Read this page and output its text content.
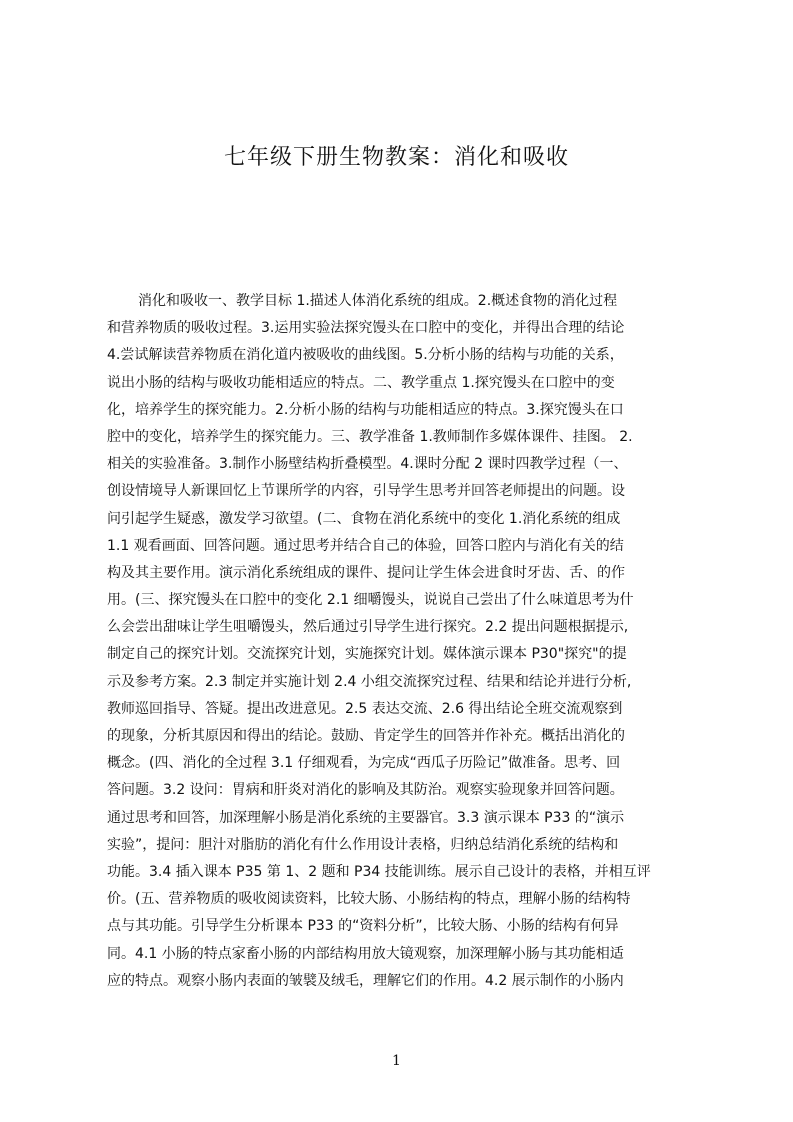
七年级下册生物教案：消化和吸收
消化和吸收一、教学目标 1.描述人体消化系统的组成。2.概述食物的消化过程
和营养物质的吸收过程。3.运用实验法探究馒头在口腔中的变化，并得出合理的结论
4.尝试解读营养物质在消化道内被吸收的曲线图。5.分析小肠的结构与功能的关系，
说出小肠的结构与吸收功能相适应的特点。二、教学重点 1.探究馒头在口腔中的变
化，培养学生的探究能力。2.分析小肠的结构与功能相适应的特点。3.探究馒头在口
腔中的变化，培养学生的探究能力。三、教学准备 1.教师制作多媒体课件、挂图。 2.
相关的实验准备。3.制作小肠壁结构折叠模型。4.课时分配 2 课时四教学过程（一、
创设情境导人新课回忆上节课所学的内容，引导学生思考并回答老师提出的问题。设
问引起学生疑惑，激发学习欲望。(二、食物在消化系统中的变化 1.消化系统的组成
1.1 观看画面、回答问题。通过思考并结合自己的体验，回答口腔内与消化有关的结
构及其主要作用。演示消化系统组成的课件、提问让学生体会进食时牙齿、舌、的作
用。(三、探究馒头在口腔中的变化 2.1 细嚼馒头，说说自己尝出了什么味道思考为什
么会尝出甜味让学生咀嚼馒头，然后通过引导学生进行探究。2.2 提出问题根据提示,
制定自己的探究计划。交流探究计划，实施探究计划。媒体演示课本 P30"探究"的提
示及参考方案。2.3 制定并实施计划 2.4 小组交流探究过程、结果和结论并进行分析,
教师巡回指导、答疑。提出改进意见。2.5 表达交流、2.6 得出结论全班交流观察到
的现象，分析其原因和得出的结论。鼓励、肯定学生的回答并作补充。概括出消化的
概念。(四、消化的全过程 3.1 仔细观看，为完成“西瓜子历险记”做准备。思考、回
答问题。3.2 设问：胃病和肝炎对消化的影响及其防治。观察实验现象并回答问题。
通过思考和回答，加深理解小肠是消化系统的主要器官。3.3 演示课本 P33 的“演示
实验”，提问：胆汁对脂肪的消化有什么作用设计表格，归纳总结消化系统的结构和
功能。3.4 插入课本 P35 第 1、2 题和 P34 技能训练。展示自己设计的表格，并相互评
价。(五、营养物质的吸收阅读资料，比较大肠、小肠结构的特点，理解小肠的结构特
点与其功能。引导学生分析课本 P33 的“资料分析”，比较大肠、小肠的结构有何异
同。4.1 小肠的特点家畜小肠的内部结构用放大镜观察，加深理解小肠与其功能相适
应的特点。观察小肠内表面的皱襞及绒毛，理解它们的作用。4.2 展示制作的小肠内
1
